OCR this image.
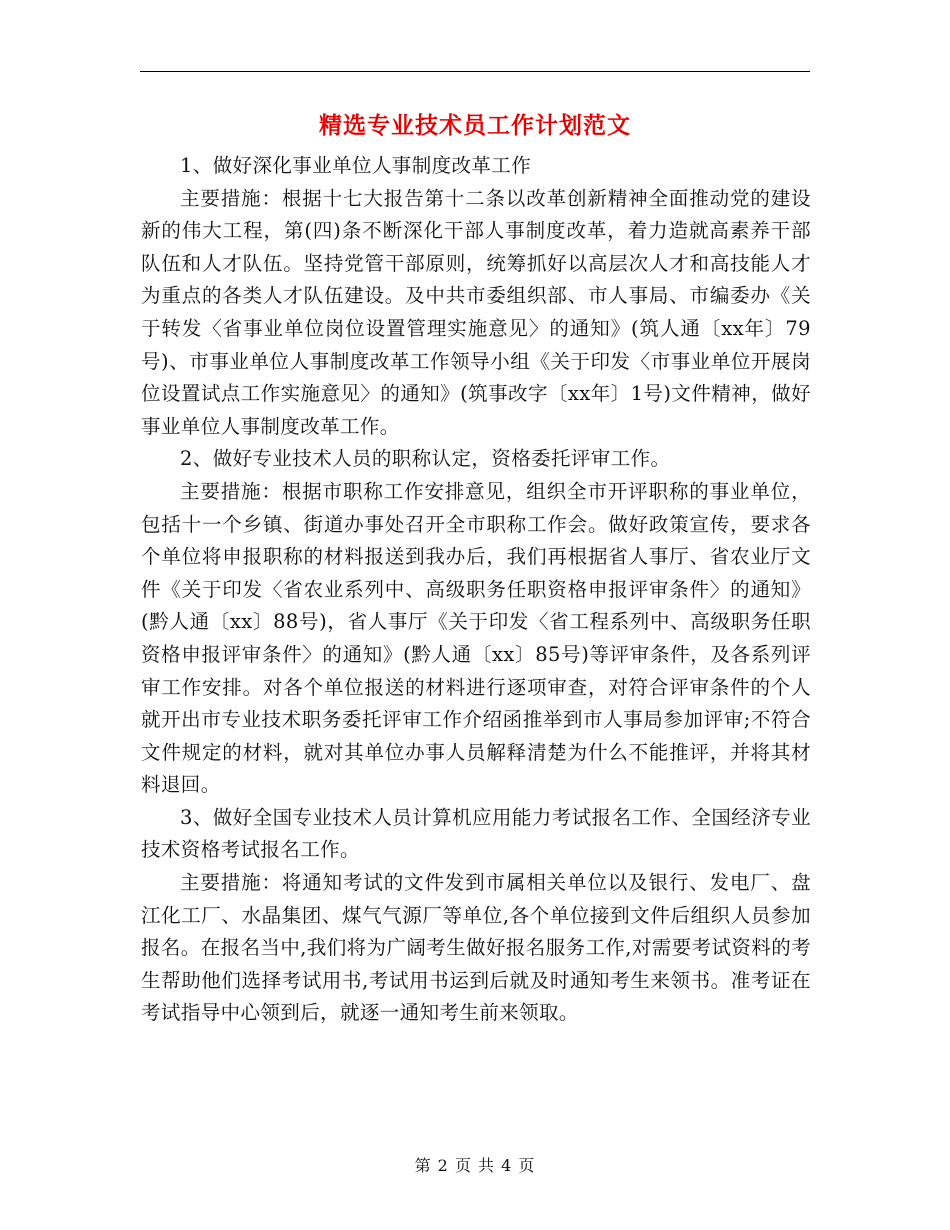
精选专业技术员工作计划范文

1、做好深化事业单位人事制度改革工作

主要措施：根据十七大报告第十二条以改革创新精神全面推动党的建设新的伟大工程，第(四)条不断深化干部人事制度改革，着力造就高素养干部队伍和人才队伍。坚持党管干部原则，统筹抓好以高层次人才和高技能人才为重点的各类人才队伍建设。及中共市委组织部、市人事局、市编委办《关于转发〈省事业单位岗位设置管理实施意见〉的通知》(筑人通〔xx年〕79号)、市事业单位人事制度改革工作领导小组《关于印发〈市事业单位开展岗位设置试点工作实施意见〉的通知》(筑事改字〔xx年〕1号)文件精神，做好事业单位人事制度改革工作。

2、做好专业技术人员的职称认定，资格委托评审工作。

主要措施：根据市职称工作安排意见，组织全市开评职称的事业单位，包括十一个乡镇、街道办事处召开全市职称工作会。做好政策宣传，要求各个单位将申报职称的材料报送到我办后，我们再根据省人事厅、省农业厅文件《关于印发〈省农业系列中、高级职务任职资格申报评审条件〉的通知》(黔人通〔xx〕88号)，省人事厅《关于印发〈省工程系列中、高级职务任职资格申报评审条件〉的通知》(黔人通〔xx〕85号)等评审条件，及各系列评审工作安排。对各个单位报送的材料进行逐项审查，对符合评审条件的个人就开出市专业技术职务委托评审工作介绍函推举到市人事局参加评审;不符合文件规定的材料，就对其单位办事人员解释清楚为什么不能推评，并将其材料退回。

3、做好全国专业技术人员计算机应用能力考试报名工作、全国经济专业技术资格考试报名工作。

主要措施：将通知考试的文件发到市属相关单位以及银行、发电厂、盘江化工厂、水晶集团、煤气气源厂等单位,各个单位接到文件后组织人员参加报名。在报名当中,我们将为广阔考生做好报名服务工作,对需要考试资料的考生帮助他们选择考试用书,考试用书运到后就及时通知考生来领书。准考证在考试指导中心领到后，就逐一通知考生前来领取。

第 2 页 共 4 页
